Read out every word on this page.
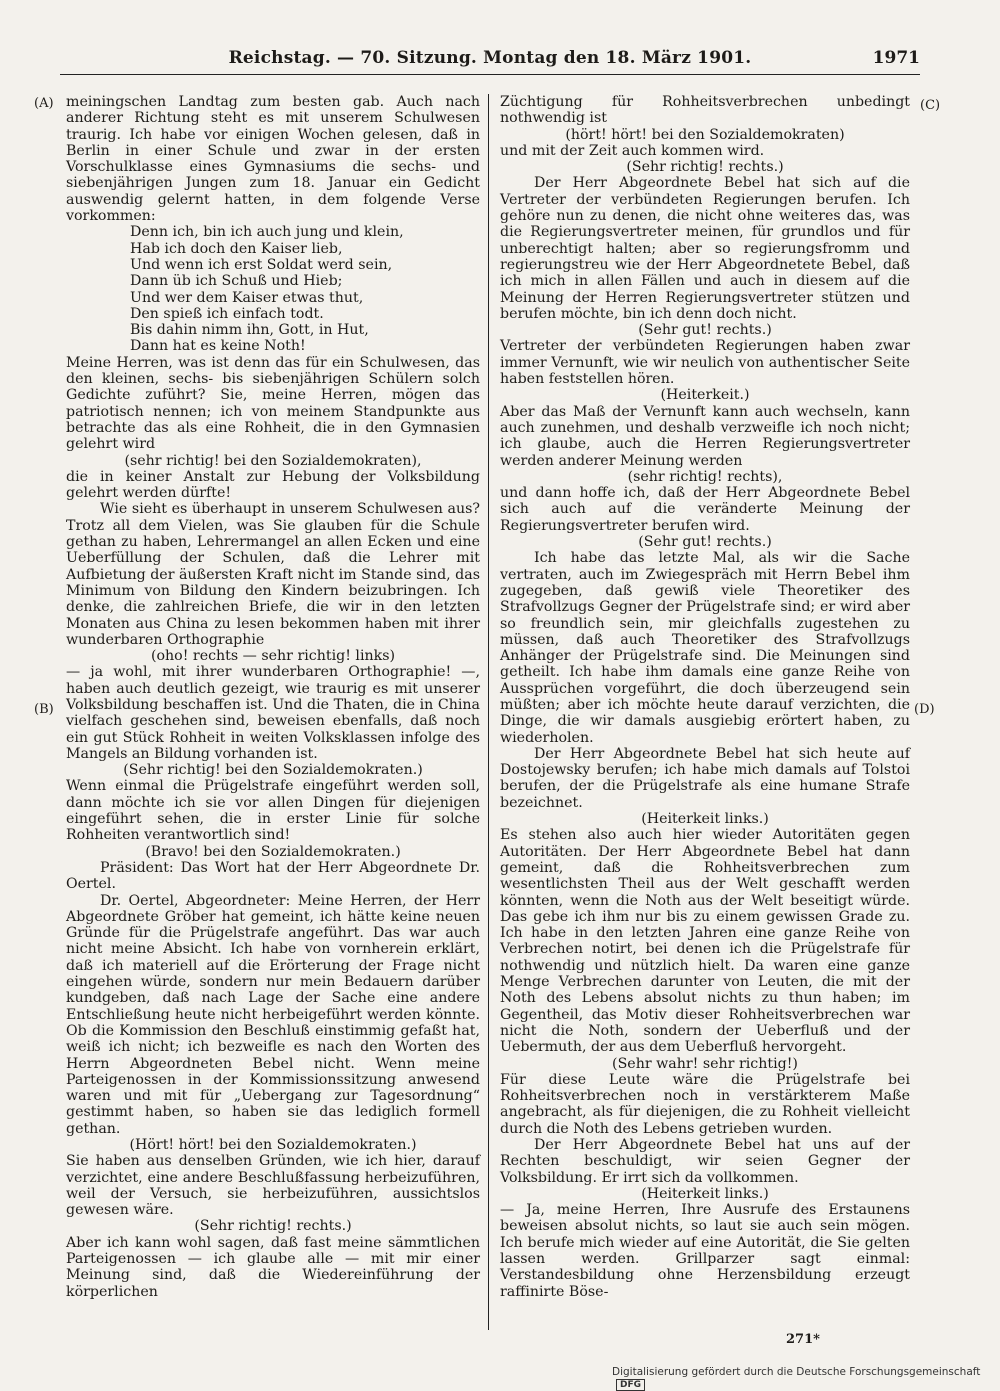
Reichstag. — 70. Sitzung. Montag den 18. März 1901.	1971
(A)
(B)
(C)
(D)

meiningschen Landtag zum besten gab. Auch nach anderer Richtung steht es mit unserem Schulwesen traurig. Ich habe vor einigen Wochen gelesen, daß in Berlin in einer Schule und zwar in der ersten Vorschulklasse eines Gymnasiums die sechs- und siebenjährigen Jungen zum 18. Januar ein Gedicht auswendig gelernt hatten, in dem folgende Verse vorkommen:

Denn ich, bin ich auch jung und klein,

Hab ich doch den Kaiser lieb,

Und wenn ich erst Soldat werd sein,

Dann üb ich Schuß und Hieb;

Und wer dem Kaiser etwas thut,

Den spieß ich einfach todt.

Bis dahin nimm ihn, Gott, in Hut,

Dann hat es keine Noth!

Meine Herren, was ist denn das für ein Schulwesen, das den kleinen, sechs- bis siebenjährigen Schülern solch Gedichte zuführt? Sie, meine Herren, mögen das patriotisch nennen; ich von meinem Standpunkte aus betrachte das als eine Rohheit, die in den Gymnasien gelehrt wird

(sehr richtig! bei den Sozialdemokraten),

die in keiner Anstalt zur Hebung der Volksbildung gelehrt werden dürfte!

Wie sieht es überhaupt in unserem Schulwesen aus? Trotz all dem Vielen, was Sie glauben für die Schule gethan zu haben, Lehrermangel an allen Ecken und eine Ueberfüllung der Schulen, daß die Lehrer mit Aufbietung der äußersten Kraft nicht im Stande sind, das Minimum von Bildung den Kindern beizubringen. Ich denke, die zahlreichen Briefe, die wir in den letzten Monaten aus China zu lesen bekommen haben mit ihrer wunderbaren Orthographie

(oho! rechts — sehr richtig! links)

— ja wohl, mit ihrer wunderbaren Orthographie! —, haben auch deutlich gezeigt, wie traurig es mit unserer Volksbildung beschaffen ist. Und die Thaten, die in China vielfach geschehen sind, beweisen ebenfalls, daß noch ein gut Stück Rohheit in weiten Volksklassen infolge des Mangels an Bildung vorhanden ist.

(Sehr richtig! bei den Sozialdemokraten.)

Wenn einmal die Prügelstrafe eingeführt werden soll, dann möchte ich sie vor allen Dingen für diejenigen eingeführt sehen, die in erster Linie für solche Rohheiten verantwortlich sind!

(Bravo! bei den Sozialdemokraten.)

Präsident: Das Wort hat der Herr Abgeordnete Dr. Oertel.

Dr. Oertel, Abgeordneter: Meine Herren, der Herr Abgeordnete Gröber hat gemeint, ich hätte keine neuen Gründe für die Prügelstrafe angeführt. Das war auch nicht meine Absicht. Ich habe von vornherein erklärt, daß ich materiell auf die Erörterung der Frage nicht eingehen würde, sondern nur mein Bedauern darüber kundgeben, daß nach Lage der Sache eine andere Entschließung heute nicht herbeigeführt werden könnte. Ob die Kommission den Beschluß einstimmig gefaßt hat, weiß ich nicht; ich bezweifle es nach den Worten des Herrn Abgeordneten Bebel nicht. Wenn meine Parteigenossen in der Kommissionssitzung anwesend waren und mit für „Uebergang zur Tagesordnung“ gestimmt haben, so haben sie das lediglich formell gethan.

(Hört! hört! bei den Sozialdemokraten.)

Sie haben aus denselben Gründen, wie ich hier, darauf verzichtet, eine andere Beschlußfassung herbeizuführen, weil der Versuch, sie herbeizuführen, aussichtslos gewesen wäre.

(Sehr richtig! rechts.)

Aber ich kann wohl sagen, daß fast meine sämmtlichen Parteigenossen — ich glaube alle — mit mir einer Meinung sind, daß die Wiedereinführung der körperlichen

Züchtigung für Rohheitsverbrechen unbedingt nothwendig ist

(hört! hört! bei den Sozialdemokraten)

und mit der Zeit auch kommen wird.

(Sehr richtig! rechts.)

Der Herr Abgeordnete Bebel hat sich auf die Vertreter der verbündeten Regierungen berufen. Ich gehöre nun zu denen, die nicht ohne weiteres das, was die Regierungsvertreter meinen, für grundlos und für unberechtigt halten; aber so regierungsfromm und regierungstreu wie der Herr Abgeordnetete Bebel, daß ich mich in allen Fällen und auch in diesem auf die Meinung der Herren Regierungsvertreter stützen und berufen möchte, bin ich denn doch nicht.

(Sehr gut! rechts.)

Vertreter der verbündeten Regierungen haben zwar immer Vernunft, wie wir neulich von authentischer Seite haben feststellen hören.

(Heiterkeit.)

Aber das Maß der Vernunft kann auch wechseln, kann auch zunehmen, und deshalb verzweifle ich noch nicht; ich glaube, auch die Herren Regierungsvertreter werden anderer Meinung werden

(sehr richtig! rechts),

und dann hoffe ich, daß der Herr Abgeordnete Bebel sich auch auf die veränderte Meinung der Regierungsvertreter berufen wird.

(Sehr gut! rechts.)

Ich habe das letzte Mal, als wir die Sache vertraten, auch im Zwiegespräch mit Herrn Bebel ihm zugegeben, daß gewiß viele Theoretiker des Strafvollzugs Gegner der Prügelstrafe sind; er wird aber so freundlich sein, mir gleichfalls zugestehen zu müssen, daß auch Theoretiker des Strafvollzugs Anhänger der Prügelstrafe sind. Die Meinungen sind getheilt. Ich habe ihm damals eine ganze Reihe von Aussprüchen vorgeführt, die doch überzeugend sein müßten; aber ich möchte heute darauf verzichten, die Dinge, die wir damals ausgiebig erörtert haben, zu wiederholen.

Der Herr Abgeordnete Bebel hat sich heute auf Dostojewsky berufen; ich habe mich damals auf Tolstoi berufen, der die Prügelstrafe als eine humane Strafe bezeichnet.

(Heiterkeit links.)

Es stehen also auch hier wieder Autoritäten gegen Autoritäten. Der Herr Abgeordnete Bebel hat dann gemeint, daß die Rohheitsverbrechen zum wesentlichsten Theil aus der Welt geschafft werden könnten, wenn die Noth aus der Welt beseitigt würde. Das gebe ich ihm nur bis zu einem gewissen Grade zu. Ich habe in den letzten Jahren eine ganze Reihe von Verbrechen notirt, bei denen ich die Prügelstrafe für nothwendig und nützlich hielt. Da waren eine ganze Menge Verbrechen darunter von Leuten, die mit der Noth des Lebens absolut nichts zu thun haben; im Gegentheil, das Motiv dieser Rohheitsverbrechen war nicht die Noth, sondern der Ueberfluß und der Uebermuth, der aus dem Ueberfluß hervorgeht.

(Sehr wahr! sehr richtig!)

Für diese Leute wäre die Prügelstrafe bei Rohheitsverbrechen noch in verstärkterem Maße angebracht, als für diejenigen, die zu Rohheit vielleicht durch die Noth des Lebens getrieben wurden.

Der Herr Abgeordnete Bebel hat uns auf der Rechten beschuldigt, wir seien Gegner der Volksbildung. Er irrt sich da vollkommen.

(Heiterkeit links.)

— Ja, meine Herren, Ihre Ausrufe des Erstaunens beweisen absolut nichts, so laut sie auch sein mögen. Ich berufe mich wieder auf eine Autorität, die Sie gelten lassen werden. Grillparzer sagt einmal: Verstandesbildung ohne Herzensbildung erzeugt raffinirte Böse-

271*
Digitalisierung gefördert durch die Deutsche Forschungsgemeinschaft DFG
